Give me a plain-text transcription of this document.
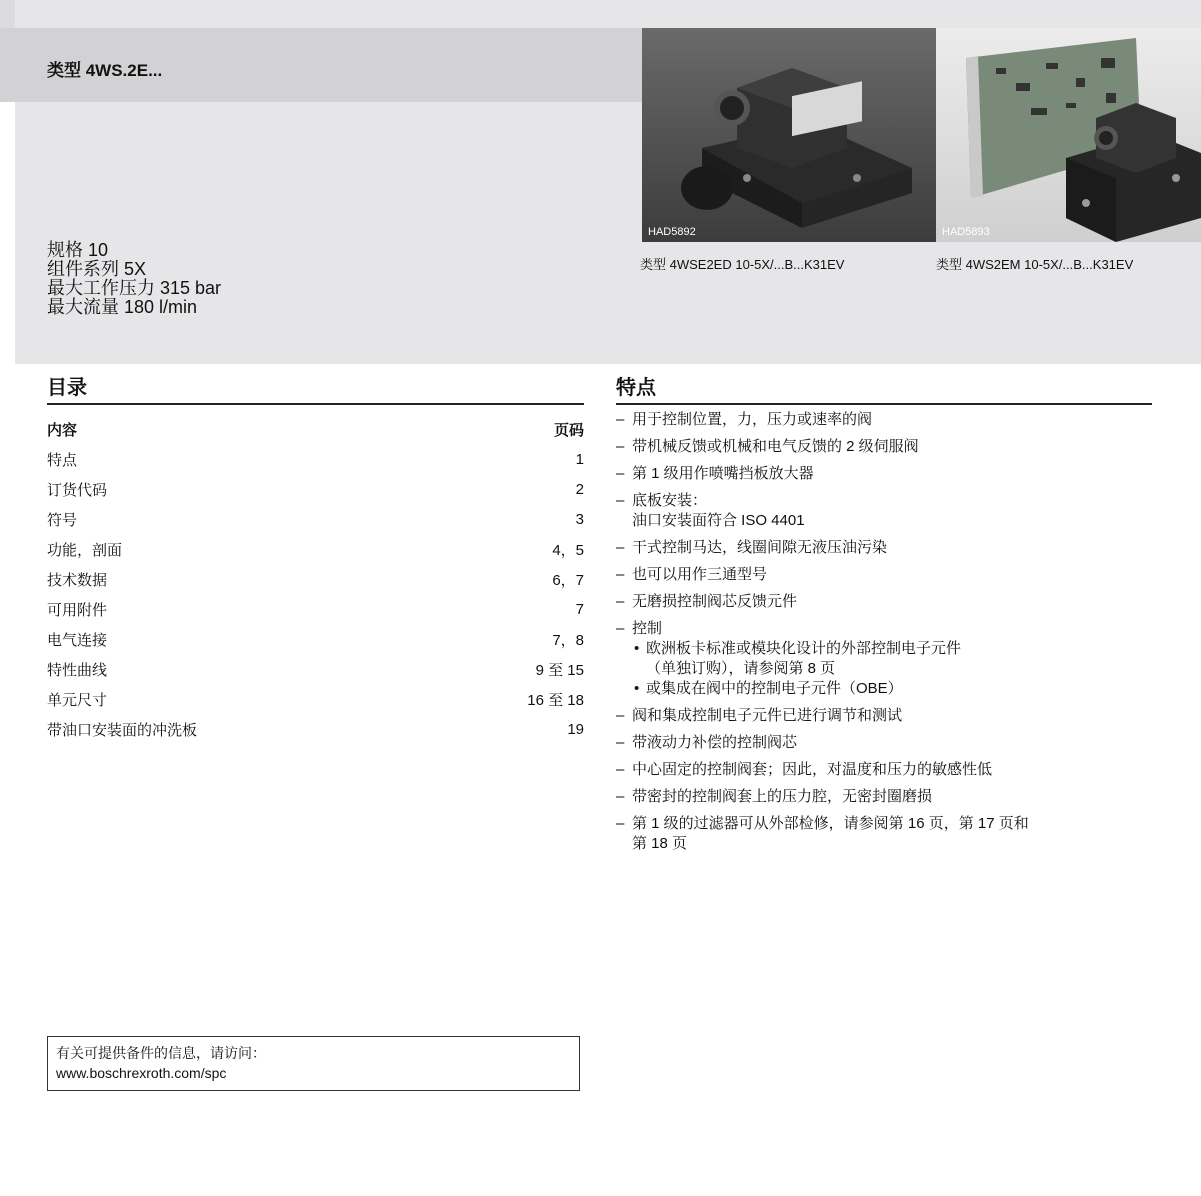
类型 4WS.2E...
规格 10
组件系列 5X
最大工作压力 315 bar
最大流量 180 l/min
HAD5892	HAD5893
类型 4WSE2ED 10-5X/...B...K31EV	类型 4WS2EM 10-5X/...B...K31EV
目录
内容	页码
特点	1
订货代码	2
符号	3
功能，剖面	4，5
技术数据	6，7
可用附件	7
电气连接	7，8
特性曲线	9 至 15
单元尺寸	16 至 18
带油口安装面的冲洗板	19
特点
– 用于控制位置，力，压力或速率的阀
– 带机械反馈或机械和电气反馈的 2 级伺服阀
– 第 1 级用作喷嘴挡板放大器
– 底板安装：
油口安装面符合 ISO 4401
– 干式控制马达，线圈间隙无液压油污染
– 也可以用作三通型号
– 无磨损控制阀芯反馈元件
– 控制
• 欧洲板卡标准或模块化设计的外部控制电子元件
（单独订购），请参阅第 8 页
• 或集成在阀中的控制电子元件（OBE）
– 阀和集成控制电子元件已进行调节和测试
– 带液动力补偿的控制阀芯
– 中心固定的控制阀套；因此，对温度和压力的敏感性低
– 带密封的控制阀套上的压力腔，无密封圈磨损
– 第 1 级的过滤器可从外部检修，请参阅第 16 页，第 17 页和
第 18 页
有关可提供备件的信息，请访问：
www.boschrexroth.com/spc
